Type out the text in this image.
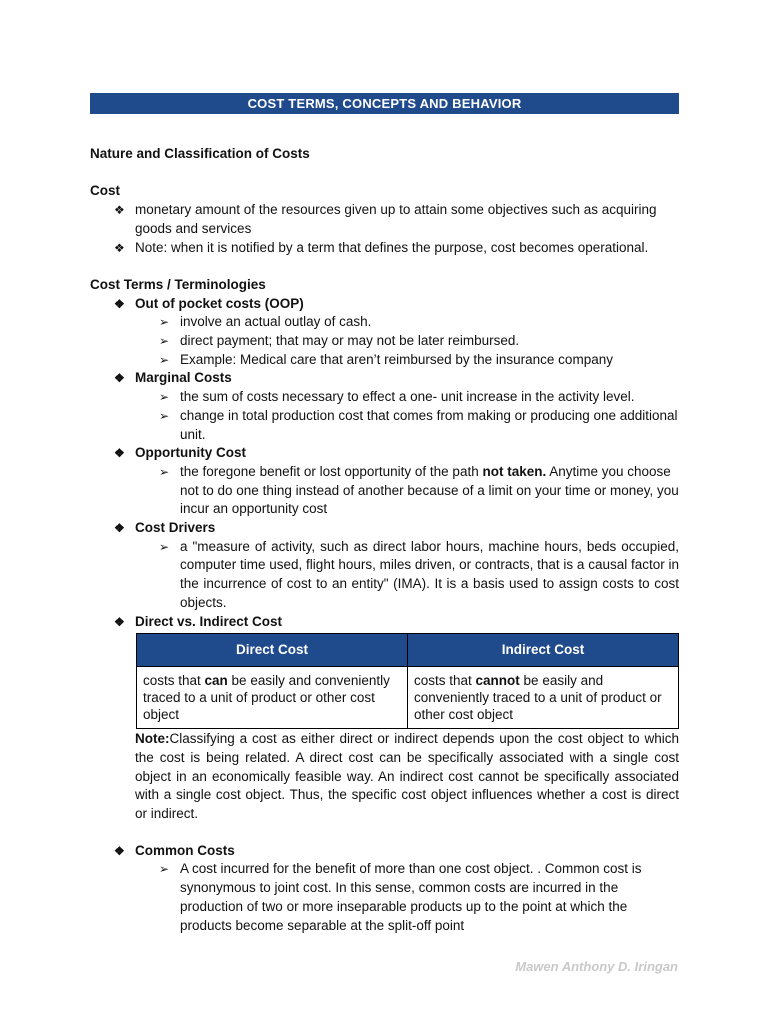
COST TERMS, CONCEPTS AND BEHAVIOR
Nature and Classification of Costs
Cost
❖ monetary amount of the resources given up to attain some objectives such as acquiring goods and services
❖ Note: when it is notified by a term that defines the purpose, cost becomes operational.
Cost Terms / Terminologies
❖ Out of pocket costs (OOP)
➢ involve an actual outlay of cash.
➢ direct payment; that may or may not be later reimbursed.
➢ Example: Medical care that aren’t reimbursed by the insurance company
❖ Marginal Costs
➢ the sum of costs necessary to effect a one- unit increase in the activity level.
➢ change in total production cost that comes from making or producing one additional unit.
❖ Opportunity Cost
➢ the foregone benefit or lost opportunity of the path not taken. Anytime you choose not to do one thing instead of another because of a limit on your time or money, you incur an opportunity cost
❖ Cost Drivers
➢ a "measure of activity, such as direct labor hours, machine hours, beds occupied, computer time used, flight hours, miles driven, or contracts, that is a causal factor in the incurrence of cost to an entity" (IMA). It is a basis used to assign costs to cost objects.
❖ Direct vs. Indirect Cost
Direct Cost	Indirect Cost
costs that can be easily and conveniently traced to a unit of product or other cost object	costs that cannot be easily and conveniently traced to a unit of product or other cost object
Note:Classifying a cost as either direct or indirect depends upon the cost object to which the cost is being related. A direct cost can be specifically associated with a single cost object in an economically feasible way. An indirect cost cannot be specifically associated with a single cost object. Thus, the specific cost object influences whether a cost is direct or indirect.
❖ Common Costs
➢ A cost incurred for the benefit of more than one cost object. . Common cost is synonymous to joint cost. In this sense, common costs are incurred in the production of two or more inseparable products up to the point at which the products become separable at the split-off point
Mawen Anthony D. Iringan
